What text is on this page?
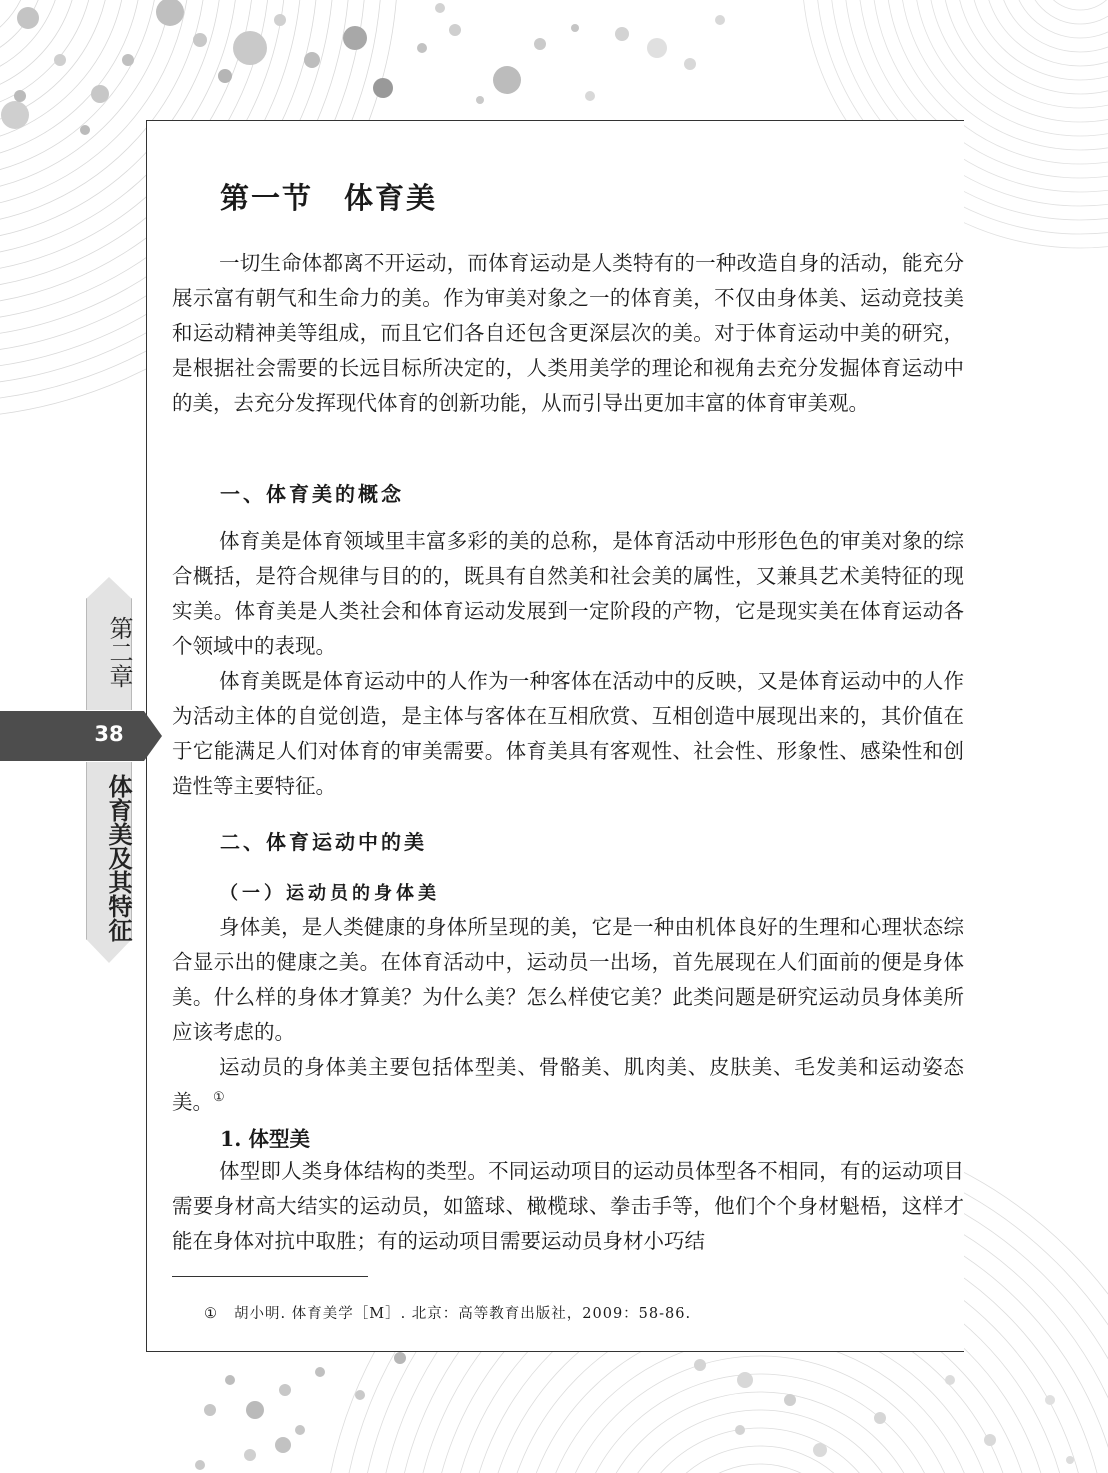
第一节　体育美

一切生命体都离不开运动，而体育运动是人类特有的一种改造自身的活动，能充分展示富有朝气和生命力的美。作为审美对象之一的体育美，不仅由身体美、运动竞技美和运动精神美等组成，而且它们各自还包含更深层次的美。对于体育运动中美的研究，是根据社会需要的长远目标所决定的，人类用美学的理论和视角去充分发掘体育运动中的美，去充分发挥现代体育的创新功能，从而引导出更加丰富的体育审美观。

一、体育美的概念

体育美是体育领域里丰富多彩的美的总称，是体育活动中形形色色的审美对象的综合概括，是符合规律与目的的，既具有自然美和社会美的属性，又兼具艺术美特征的现实美。体育美是人类社会和体育运动发展到一定阶段的产物，它是现实美在体育运动各个领域中的表现。

体育美既是体育运动中的人作为一种客体在活动中的反映，又是体育运动中的人作为活动主体的自觉创造，是主体与客体在互相欣赏、互相创造中展现出来的，其价值在于它能满足人们对体育的审美需要。体育美具有客观性、社会性、形象性、感染性和创造性等主要特征。

二、体育运动中的美
（一）运动员的身体美

身体美，是人类健康的身体所呈现的美，它是一种由机体良好的生理和心理状态综合显示出的健康之美。在体育活动中，运动员一出场，首先展现在人们面前的便是身体美。什么样的身体才算美？为什么美？怎么样使它美？此类问题是研究运动员身体美所应该考虑的。

运动员的身体美主要包括体型美、骨骼美、肌肉美、皮肤美、毛发美和运动姿态美。①

1. 体型美

体型即人类身体结构的类型。不同运动项目的运动员体型各不相同，有的运动项目需要身材高大结实的运动员，如篮球、橄榄球、拳击手等，他们个个身材魁梧，这样才能在身体对抗中取胜；有的运动项目需要运动员身材小巧结

① 胡小明. 体育美学［M］. 北京：高等教育出版社，2009：58-86.

第二章

38

体育美及其特征
